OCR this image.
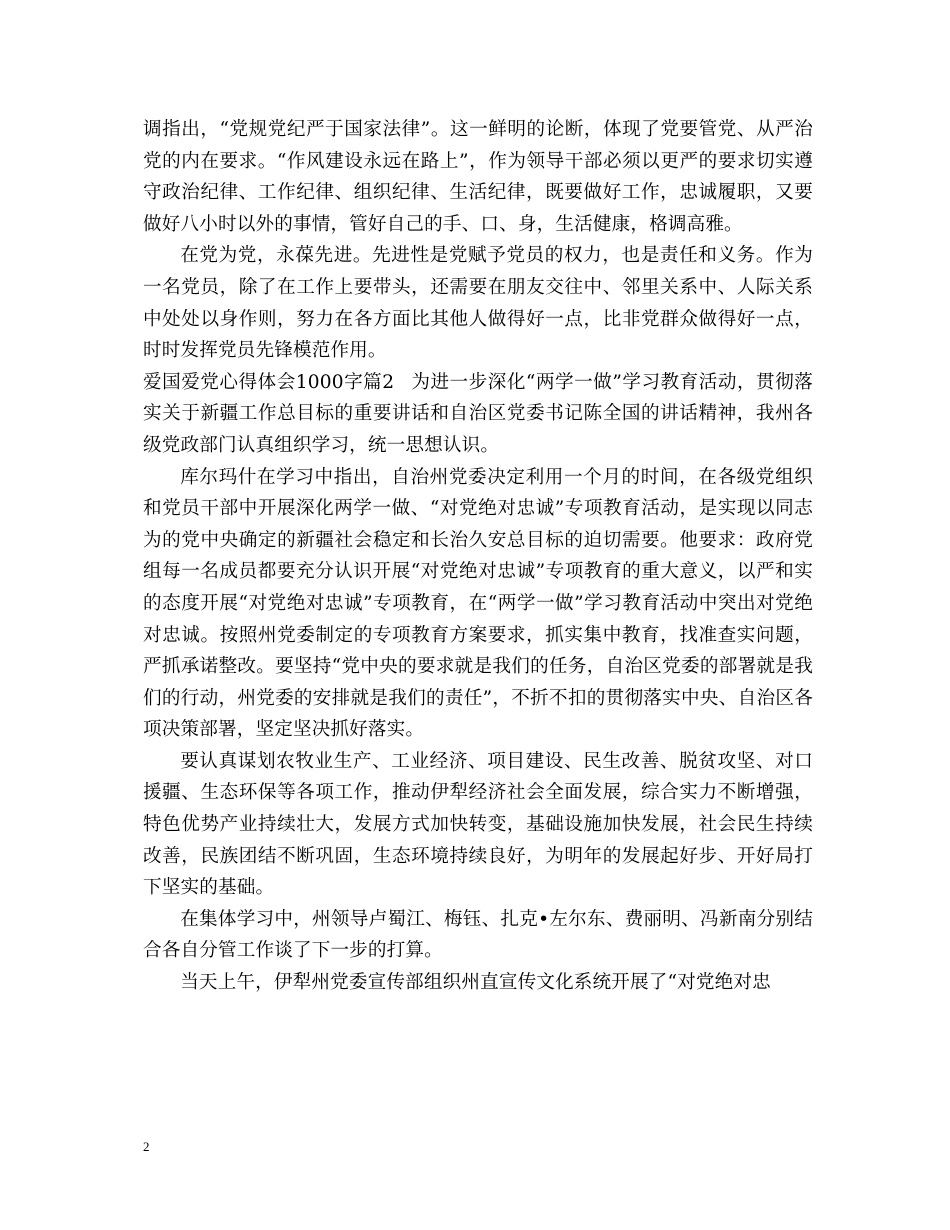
调指出，“党规党纪严于国家法律”。这一鲜明的论断，体现了党要管党、从严治党的内在要求。“作风建设永远在路上”，作为领导干部必须以更严的要求切实遵守政治纪律、工作纪律、组织纪律、生活纪律，既要做好工作，忠诚履职，又要做好八小时以外的事情，管好自己的手、口、身，生活健康，格调高雅。

在党为党，永葆先进。先进性是党赋予党员的权力，也是责任和义务。作为一名党员，除了在工作上要带头，还需要在朋友交往中、邻里关系中、人际关系中处处以身作则，努力在各方面比其他人做得好一点，比非党群众做得好一点，时时发挥党员先锋模范作用。

爱国爱党心得体会1000字篇2 为进一步深化“两学一做”学习教育活动，贯彻落实关于新疆工作总目标的重要讲话和自治区党委书记陈全国的讲话精神，我州各级党政部门认真组织学习，统一思想认识。

库尔玛什在学习中指出，自治州党委决定利用一个月的时间，在各级党组织和党员干部中开展深化两学一做、“对党绝对忠诚”专项教育活动，是实现以同志为的党中央确定的新疆社会稳定和长治久安总目标的迫切需要。他要求：政府党组每一名成员都要充分认识开展“对党绝对忠诚”专项教育的重大意义，以严和实的态度开展“对党绝对忠诚”专项教育，在“两学一做”学习教育活动中突出对党绝对忠诚。按照州党委制定的专项教育方案要求，抓实集中教育，找准查实问题，严抓承诺整改。要坚持“党中央的要求就是我们的任务，自治区党委的部署就是我们的行动，州党委的安排就是我们的责任”，不折不扣的贯彻落实中央、自治区各项决策部署，坚定坚决抓好落实。

要认真谋划农牧业生产、工业经济、项目建设、民生改善、脱贫攻坚、对口援疆、生态环保等各项工作，推动伊犁经济社会全面发展，综合实力不断增强，特色优势产业持续壮大，发展方式加快转变，基础设施加快发展，社会民生持续改善，民族团结不断巩固，生态环境持续良好，为明年的发展起好步、开好局打下坚实的基础。

在集体学习中，州领导卢蜀江、梅钰、扎克•左尔东、费丽明、冯新南分别结合各自分管工作谈了下一步的打算。

当天上午，伊犁州党委宣传部组织州直宣传文化系统开展了“对党绝对忠

2
